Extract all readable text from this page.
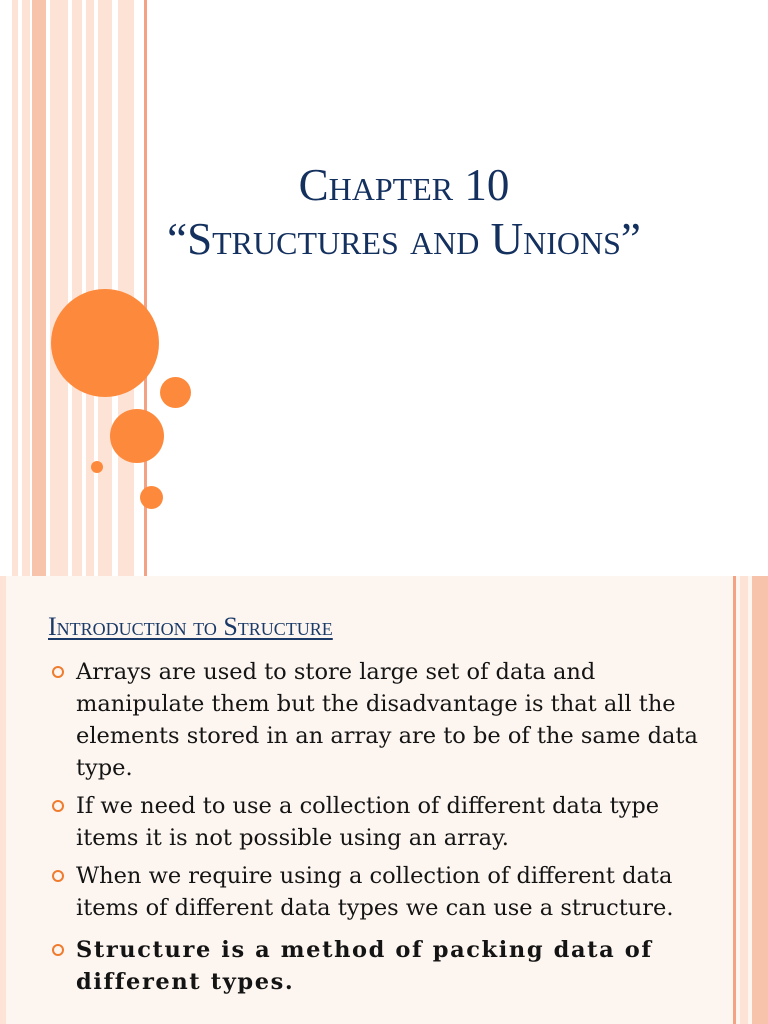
Chapter 10
“Structures and Unions”
Introduction to Structure
Arrays are used to store large set of data and manipulate them but the disadvantage is that all the elements stored in an array are to be of the same data type.
If we need to use a collection of different data type items it is not possible using an array.
When we require using a collection of different data items of different data types we can use a structure.
Structure is a method of packing data of different types.
